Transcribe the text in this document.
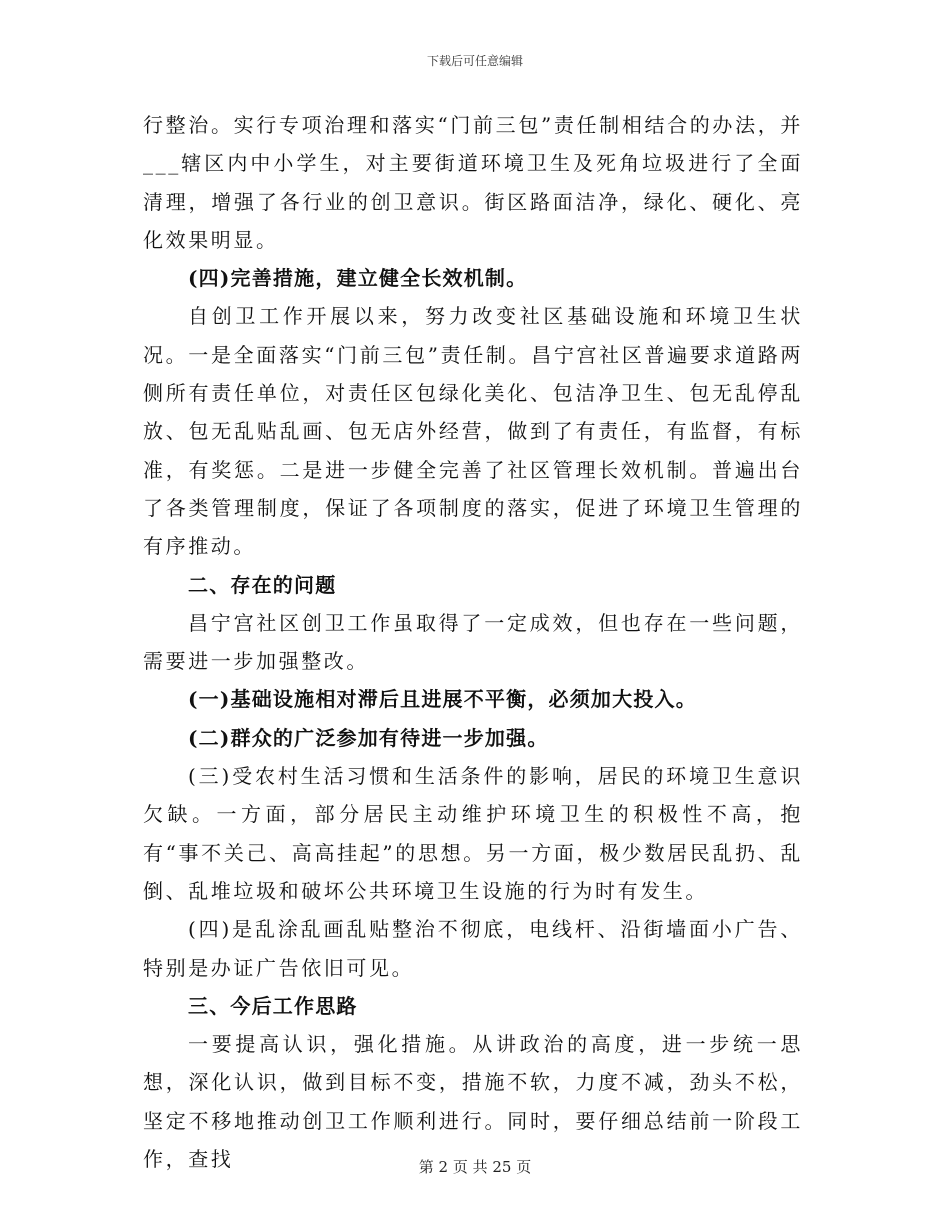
下载后可任意编辑

行整治。实行专项治理和落实“门前三包”责任制相结合的办法，并___辖区内中小学生，对主要街道环境卫生及死角垃圾进行了全面清理，增强了各行业的创卫意识。街区路面洁净，绿化、硬化、亮化效果明显。

(四)完善措施，建立健全长效机制。

自创卫工作开展以来，努力改变社区基础设施和环境卫生状况。一是全面落实“门前三包”责任制。昌宁宫社区普遍要求道路两侧所有责任单位，对责任区包绿化美化、包洁净卫生、包无乱停乱放、包无乱贴乱画、包无店外经营，做到了有责任，有监督，有标准，有奖惩。二是进一步健全完善了社区管理长效机制。普遍出台了各类管理制度，保证了各项制度的落实，促进了环境卫生管理的有序推动。

二、存在的问题

昌宁宫社区创卫工作虽取得了一定成效，但也存在一些问题，需要进一步加强整改。

(一)基础设施相对滞后且进展不平衡，必须加大投入。

(二)群众的广泛参加有待进一步加强。

(三)受农村生活习惯和生活条件的影响，居民的环境卫生意识欠缺。一方面，部分居民主动维护环境卫生的积极性不高，抱有“事不关己、高高挂起”的思想。另一方面，极少数居民乱扔、乱倒、乱堆垃圾和破坏公共环境卫生设施的行为时有发生。

(四)是乱涂乱画乱贴整治不彻底，电线杆、沿街墙面小广告、特别是办证广告依旧可见。

三、今后工作思路

一要提高认识，强化措施。从讲政治的高度，进一步统一思想，深化认识，做到目标不变，措施不软，力度不减，劲头不松，坚定不移地推动创卫工作顺利进行。同时，要仔细总结前一阶段工作，查找	第 2 页 共 25 页
